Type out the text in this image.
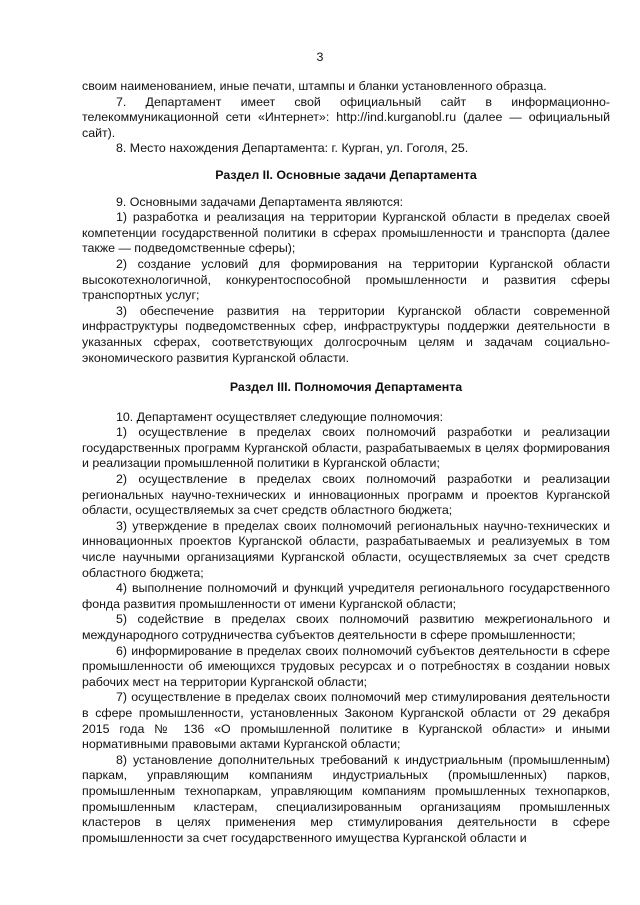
3

своим наименованием, иные печати, штампы и бланки установленного образца.

7. Департамент имеет свой официальный сайт в информационно-телекоммуникационной сети «Интернет»: http://ind.kurganobl.ru (далее — официальный сайт).

8. Место нахождения Департамента: г. Курган, ул. Гоголя, 25.

Раздел II. Основные задачи Департамента

9. Основными задачами Департамента являются:

1) разработка и реализация на территории Курганской области в пределах своей компетенции государственной политики в сферах промышленности и транспорта (далее также — подведомственные сферы);

2) создание условий для формирования на территории Курганской области высокотехнологичной, конкурентоспособной промышленности и развития сферы транспортных услуг;

3) обеспечение развития на территории Курганской области современной инфраструктуры подведомственных сфер, инфраструктуры поддержки деятельности в указанных сферах, соответствующих долгосрочным целям и задачам социально-экономического развития Курганской области.

Раздел III. Полномочия Департамента

10. Департамент осуществляет следующие полномочия:

1) осуществление в пределах своих полномочий разработки и реализации государственных программ Курганской области, разрабатываемых в целях формирования и реализации промышленной политики в Курганской области;

2) осуществление в пределах своих полномочий разработки и реализации региональных научно-технических и инновационных программ и проектов Курганской области, осуществляемых за счет средств областного бюджета;

3) утверждение в пределах своих полномочий региональных научно-технических и инновационных проектов Курганской области, разрабатываемых и реализуемых в том числе научными организациями Курганской области, осуществляемых за счет средств областного бюджета;

4) выполнение полномочий и функций учредителя регионального государственного фонда развития промышленности от имени Курганской области;

5) содействие в пределах своих полномочий развитию межрегионального и международного сотрудничества субъектов деятельности в сфере промышленности;

6) информирование в пределах своих полномочий субъектов деятельности в сфере промышленности об имеющихся трудовых ресурсах и о потребностях в создании новых рабочих мест на территории Курганской области;

7) осуществление в пределах своих полномочий мер стимулирования деятельности в сфере промышленности, установленных Законом Курганской области от 29 декабря 2015 года № 136 «О промышленной политике в Курганской области» и иными нормативными правовыми актами Курганской области;

8) установление дополнительных требований к индустриальным (промышленным) паркам, управляющим компаниям индустриальных (промышленных) парков, промышленным технопаркам, управляющим компаниям промышленных технопарков, промышленным кластерам, специализированным организациям промышленных кластеров в целях применения мер стимулирования деятельности в сфере промышленности за счет государственного имущества Курганской области и
